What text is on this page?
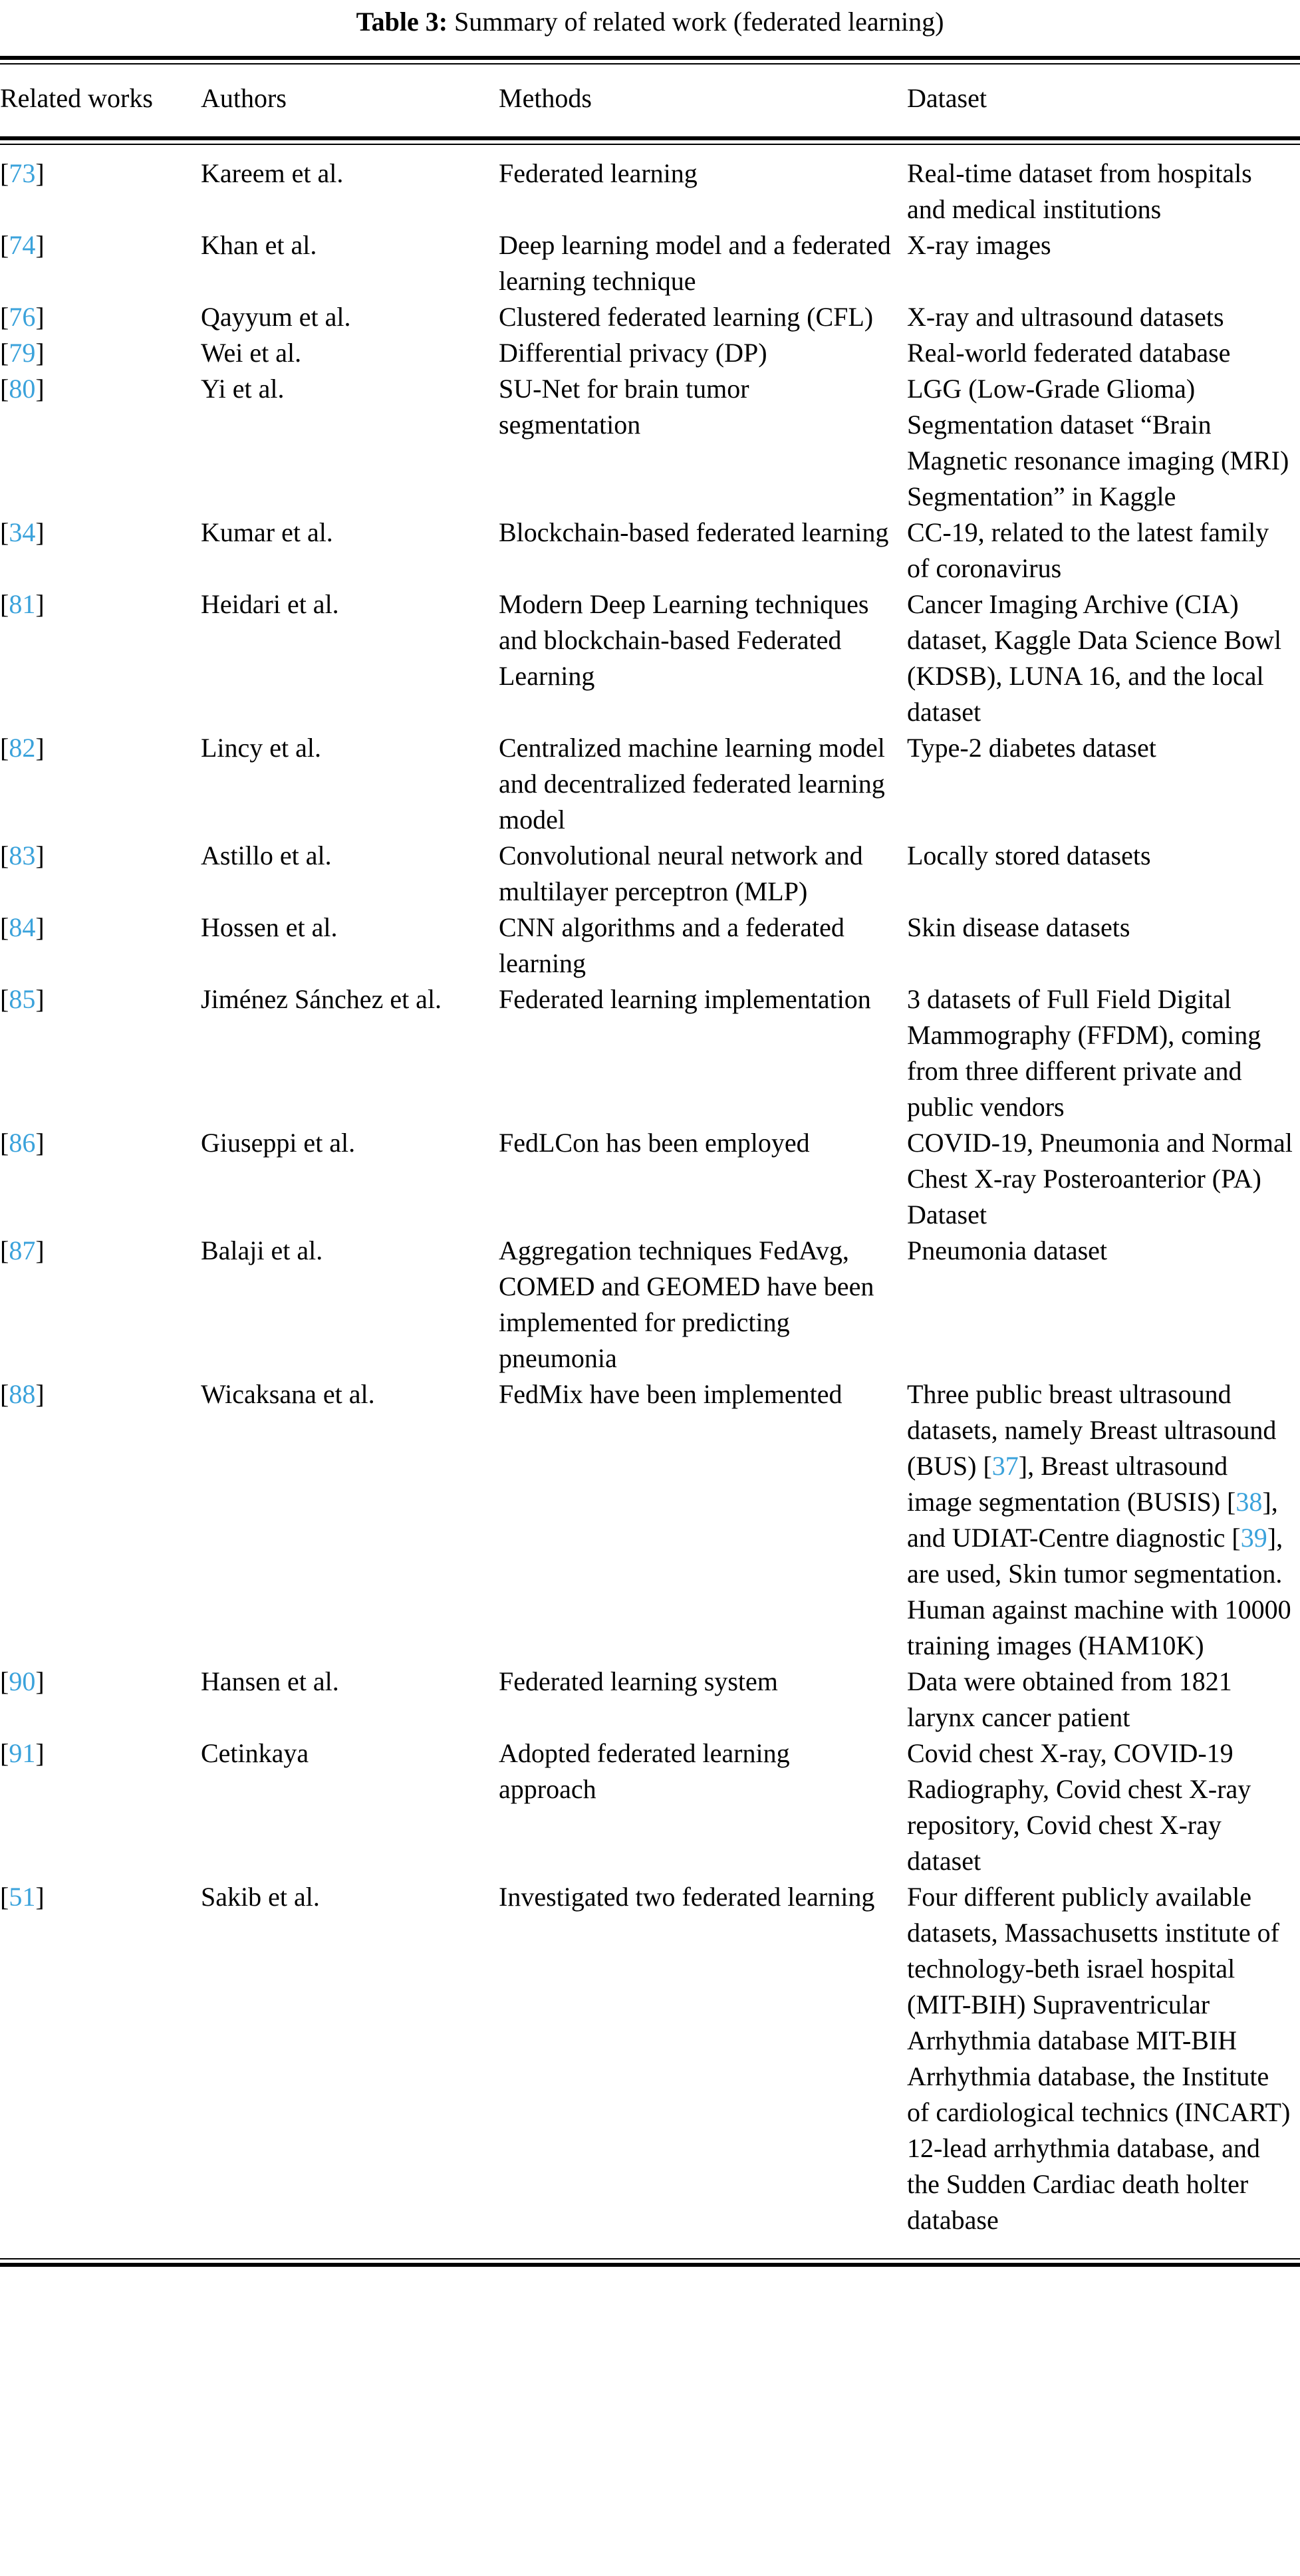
Table 3: Summary of related work (federated learning)

Related works	Authors	Methods	Dataset

[73]	Kareem et al.	Federated learning	Real-time dataset from hospitals and medical institutions
[74]	Khan et al.	Deep learning model and a federated learning technique	X-ray images
[76]	Qayyum et al.	Clustered federated learning (CFL)	X-ray and ultrasound datasets
[79]	Wei et al.	Differential privacy (DP)	Real-world federated database
[80]	Yi et al.	SU-Net for brain tumor segmentation	LGG (Low-Grade Glioma) Segmentation dataset “Brain Magnetic resonance imaging (MRI) Segmentation” in Kaggle
[34]	Kumar et al.	Blockchain-based federated learning	CC-19, related to the latest family of coronavirus
[81]	Heidari et al.	Modern Deep Learning techniques and blockchain-based Federated Learning	Cancer Imaging Archive (CIA) dataset, Kaggle Data Science Bowl (KDSB), LUNA 16, and the local dataset
[82]	Lincy et al.	Centralized machine learning model and decentralized federated learning model	Type-2 diabetes dataset
[83]	Astillo et al.	Convolutional neural network and multilayer perceptron (MLP)	Locally stored datasets
[84]	Hossen et al.	CNN algorithms and a federated learning	Skin disease datasets
[85]	Jiménez Sánchez et al.	Federated learning implementation	3 datasets of Full Field Digital Mammography (FFDM), coming from three different private and public vendors
[86]	Giuseppi et al.	FedLCon has been employed	COVID-19, Pneumonia and Normal Chest X-ray Posteroanterior (PA) Dataset
[87]	Balaji et al.	Aggregation techniques FedAvg, COMED and GEOMED have been implemented for predicting pneumonia	Pneumonia dataset
[88]	Wicaksana et al.	FedMix have been implemented	Three public breast ultrasound datasets, namely Breast ultrasound (BUS) [37], Breast ultrasound image segmentation (BUSIS) [38], and UDIAT-Centre diagnostic [39], are used, Skin tumor segmentation. Human against machine with 10000 training images (HAM10K)
[90]	Hansen et al.	Federated learning system	Data were obtained from 1821 larynx cancer patient
[91]	Cetinkaya	Adopted federated learning approach	Covid chest X-ray, COVID-19 Radiography, Covid chest X-ray repository, Covid chest X-ray dataset
[51]	Sakib et al.	Investigated two federated learning	Four different publicly available datasets, Massachusetts institute of technology-beth israel hospital (MIT-BIH) Supraventricular Arrhythmia database MIT-BIH Arrhythmia database, the Institute of cardiological technics (INCART) 12-lead arrhythmia database, and the Sudden Cardiac death holter database
